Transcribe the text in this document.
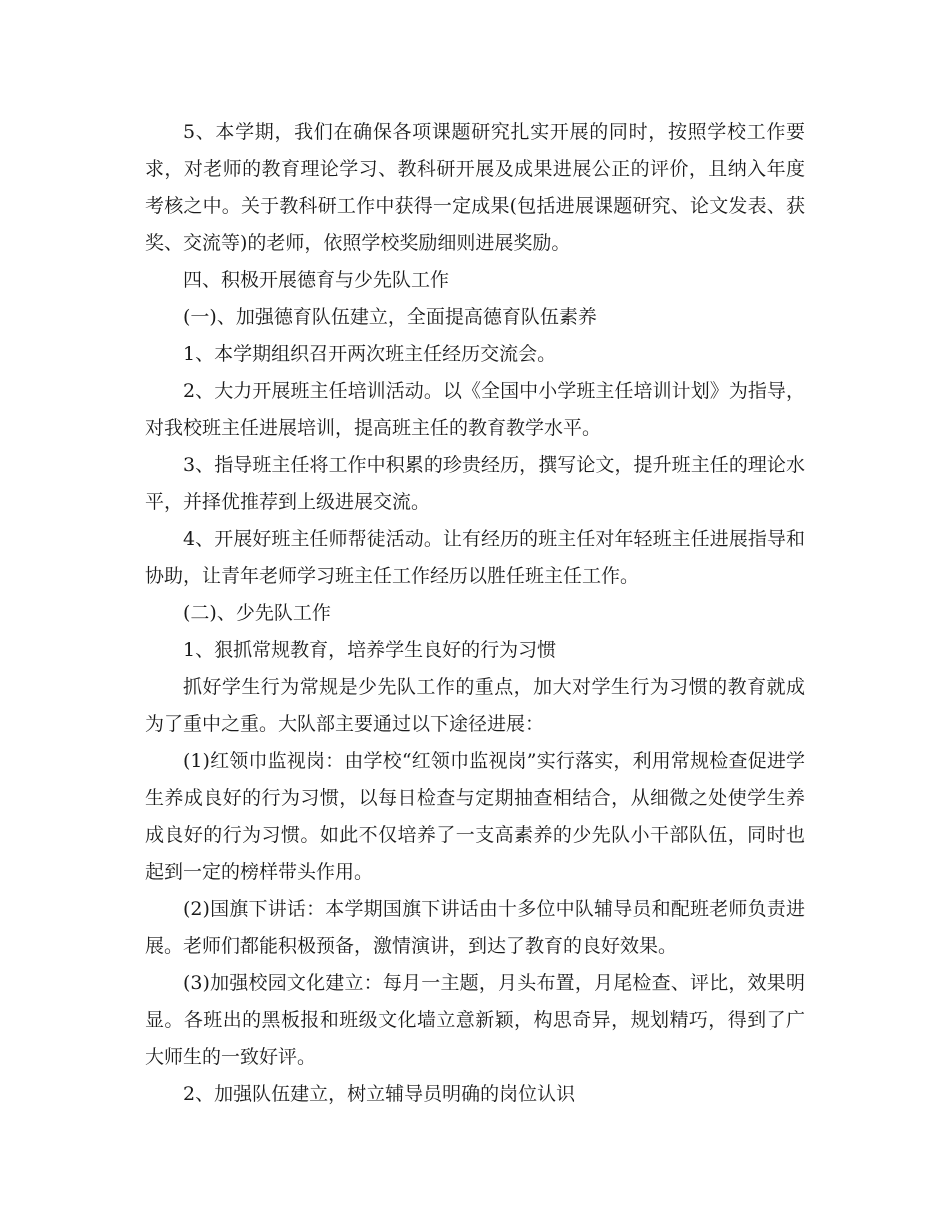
5、本学期，我们在确保各项课题研究扎实开展的同时，按照学校工作要求，对老师的教育理论学习、教科研开展及成果进展公正的评价，且纳入年度考核之中。关于教科研工作中获得一定成果(包括进展课题研究、论文发表、获奖、交流等)的老师，依照学校奖励细则进展奖励。

四、积极开展德育与少先队工作

(一)、加强德育队伍建立，全面提高德育队伍素养

1、本学期组织召开两次班主任经历交流会。

2、大力开展班主任培训活动。以《全国中小学班主任培训计划》为指导，对我校班主任进展培训，提高班主任的教育教学水平。

3、指导班主任将工作中积累的珍贵经历，撰写论文，提升班主任的理论水平，并择优推荐到上级进展交流。

4、开展好班主任师帮徒活动。让有经历的班主任对年轻班主任进展指导和协助，让青年老师学习班主任工作经历以胜任班主任工作。

(二)、少先队工作

1、狠抓常规教育，培养学生良好的行为习惯

抓好学生行为常规是少先队工作的重点，加大对学生行为习惯的教育就成为了重中之重。大队部主要通过以下途径进展：

(1)红领巾监视岗：由学校“红领巾监视岗”实行落实，利用常规检查促进学生养成良好的行为习惯，以每日检查与定期抽查相结合，从细微之处使学生养成良好的行为习惯。如此不仅培养了一支高素养的少先队小干部队伍，同时也起到一定的榜样带头作用。

(2)国旗下讲话：本学期国旗下讲话由十多位中队辅导员和配班老师负责进展。老师们都能积极预备，激情演讲，到达了教育的良好效果。

(3)加强校园文化建立：每月一主题，月头布置，月尾检查、评比，效果明显。各班出的黑板报和班级文化墙立意新颖，构思奇异，规划精巧，得到了广大师生的一致好评。

2、加强队伍建立，树立辅导员明确的岗位认识
